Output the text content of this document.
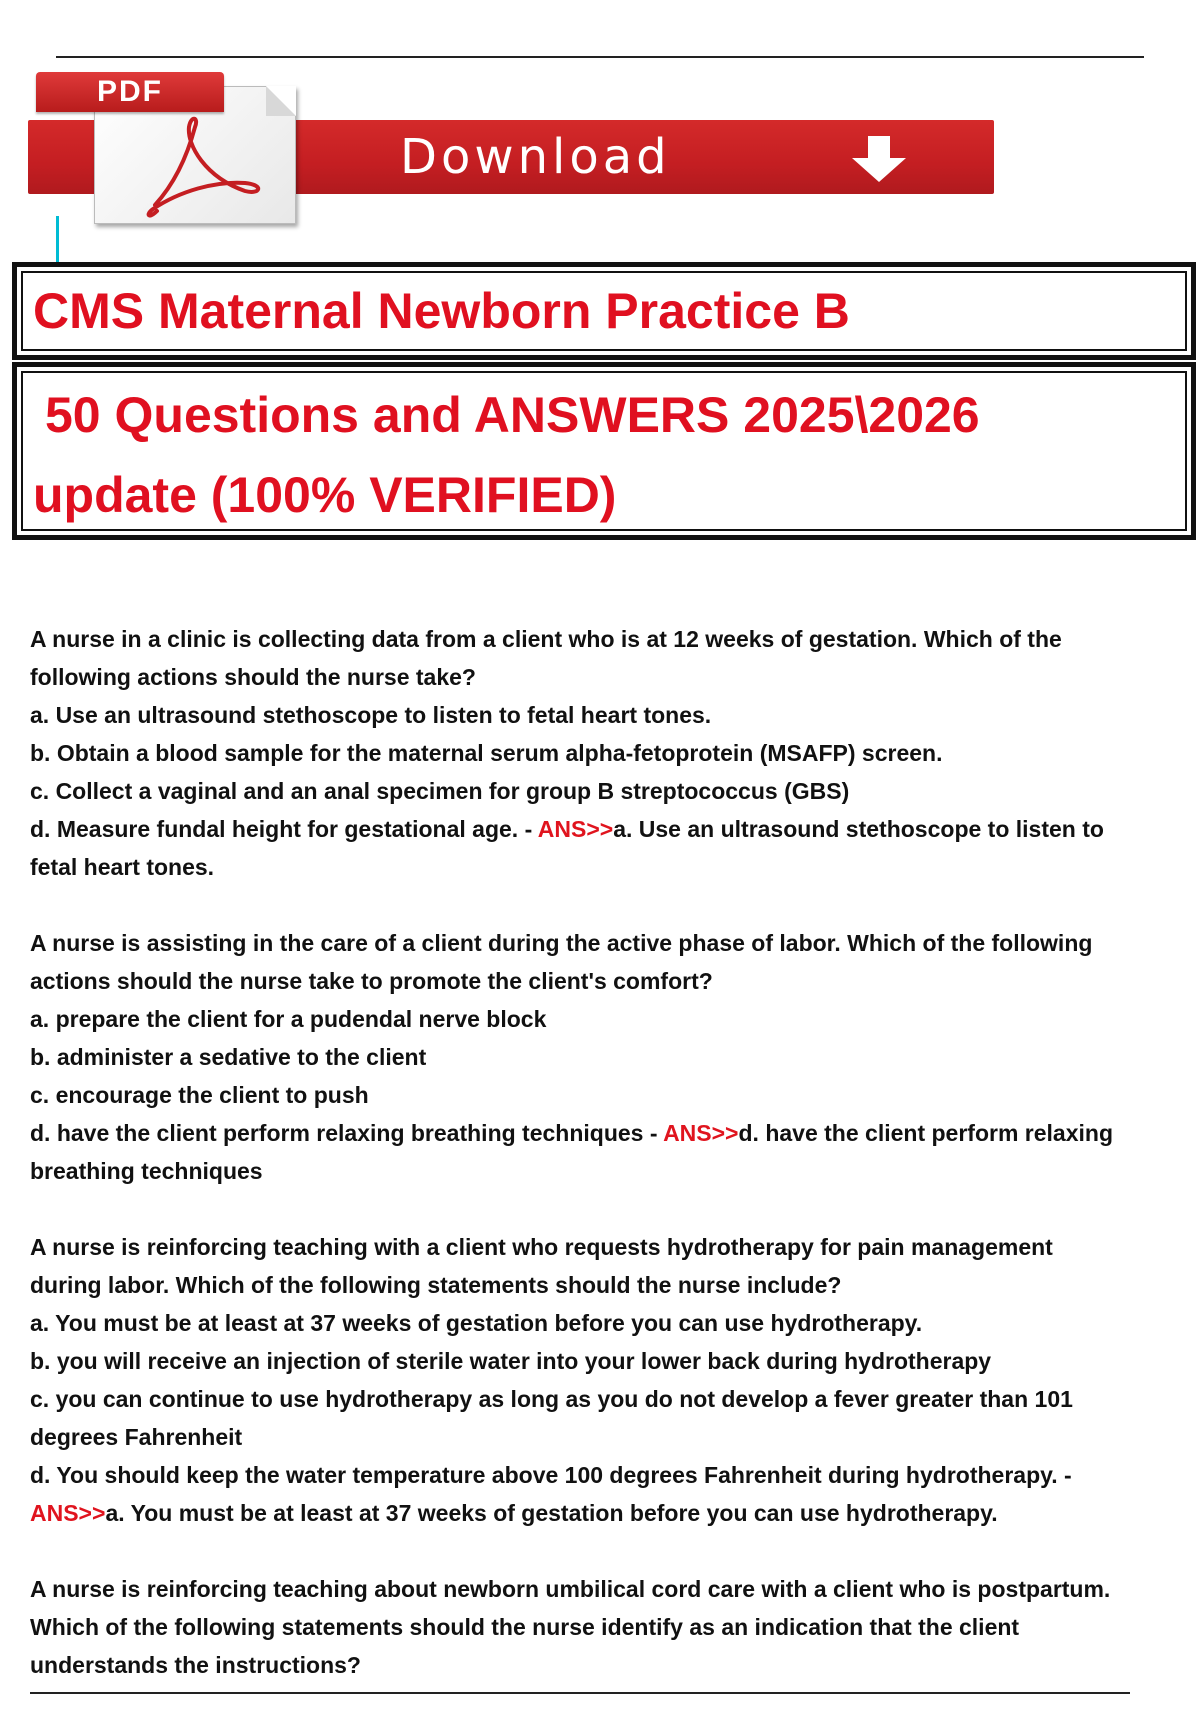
PDF
Download
CMS Maternal Newborn Practice B
50 Questions and ANSWERS 2025\2026
update (100% VERIFIED)
A nurse in a clinic is collecting data from a client who is at 12 weeks of gestation. Which of the
following actions should the nurse take?
a. Use an ultrasound stethoscope to listen to fetal heart tones.
b. Obtain a blood sample for the maternal serum alpha-fetoprotein (MSAFP) screen.
c. Collect a vaginal and an anal specimen for group B streptococcus (GBS)
d. Measure fundal height for gestational age. - ANS>>a. Use an ultrasound stethoscope to listen to
fetal heart tones.
A nurse is assisting in the care of a client during the active phase of labor. Which of the following
actions should the nurse take to promote the client's comfort?
a. prepare the client for a pudendal nerve block
b. administer a sedative to the client
c. encourage the client to push
d. have the client perform relaxing breathing techniques - ANS>>d. have the client perform relaxing
breathing techniques
A nurse is reinforcing teaching with a client who requests hydrotherapy for pain management
during labor. Which of the following statements should the nurse include?
a. You must be at least at 37 weeks of gestation before you can use hydrotherapy.
b. you will receive an injection of sterile water into your lower back during hydrotherapy
c. you can continue to use hydrotherapy as long as you do not develop a fever greater than 101
degrees Fahrenheit
d. You should keep the water temperature above 100 degrees Fahrenheit during hydrotherapy. -
ANS>>a. You must be at least at 37 weeks of gestation before you can use hydrotherapy.
A nurse is reinforcing teaching about newborn umbilical cord care with a client who is postpartum.
Which of the following statements should the nurse identify as an indication that the client
understands the instructions?
